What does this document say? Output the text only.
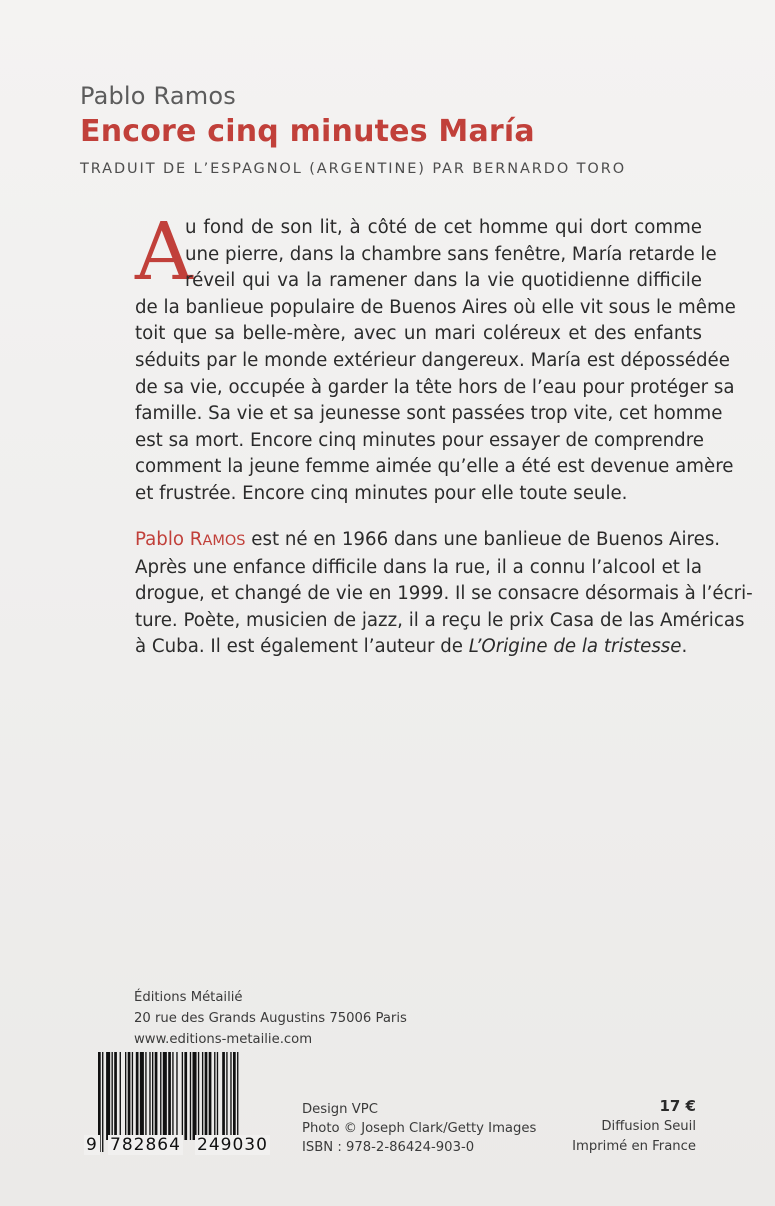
Pablo Ramos
Encore cinq minutes María
TRADUIT DE L’ESPAGNOL (ARGENTINE) PAR BERNARDO TORO
A
u fond de son lit, à côté de cet homme qui dort comme
une pierre, dans la chambre sans fenêtre, María retarde le
réveil qui va la ramener dans la vie quotidienne difficile
de la banlieue populaire de Buenos Aires où elle vit sous le même
toit que sa belle-mère, avec un mari coléreux et des enfants
séduits par le monde extérieur dangereux. María est dépossédée
de sa vie, occupée à garder la tête hors de l’eau pour protéger sa
famille. Sa vie et sa jeunesse sont passées trop vite, cet homme
est sa mort. Encore cinq minutes pour essayer de comprendre
comment la jeune femme aimée qu’elle a été est devenue amère
et frustrée. Encore cinq minutes pour elle toute seule.
Pablo RAMOS est né en 1966 dans une banlieue de Buenos Aires.
Après une enfance difficile dans la rue, il a connu l’alcool et la
drogue, et changé de vie en 1999. Il se consacre désormais à l’écri-
ture. Poète, musicien de jazz, il a reçu le prix Casa de las Américas
à Cuba. Il est également l’auteur de L’Origine de la tristesse.
Éditions Métailié
20 rue des Grands Augustins 75006 Paris
www.editions-metailie.com
9 782864 249030
Design VPC
Photo © Joseph Clark/Getty Images
ISBN : 978-2-86424-903-0
17 €
Diffusion Seuil
Imprimé en France
